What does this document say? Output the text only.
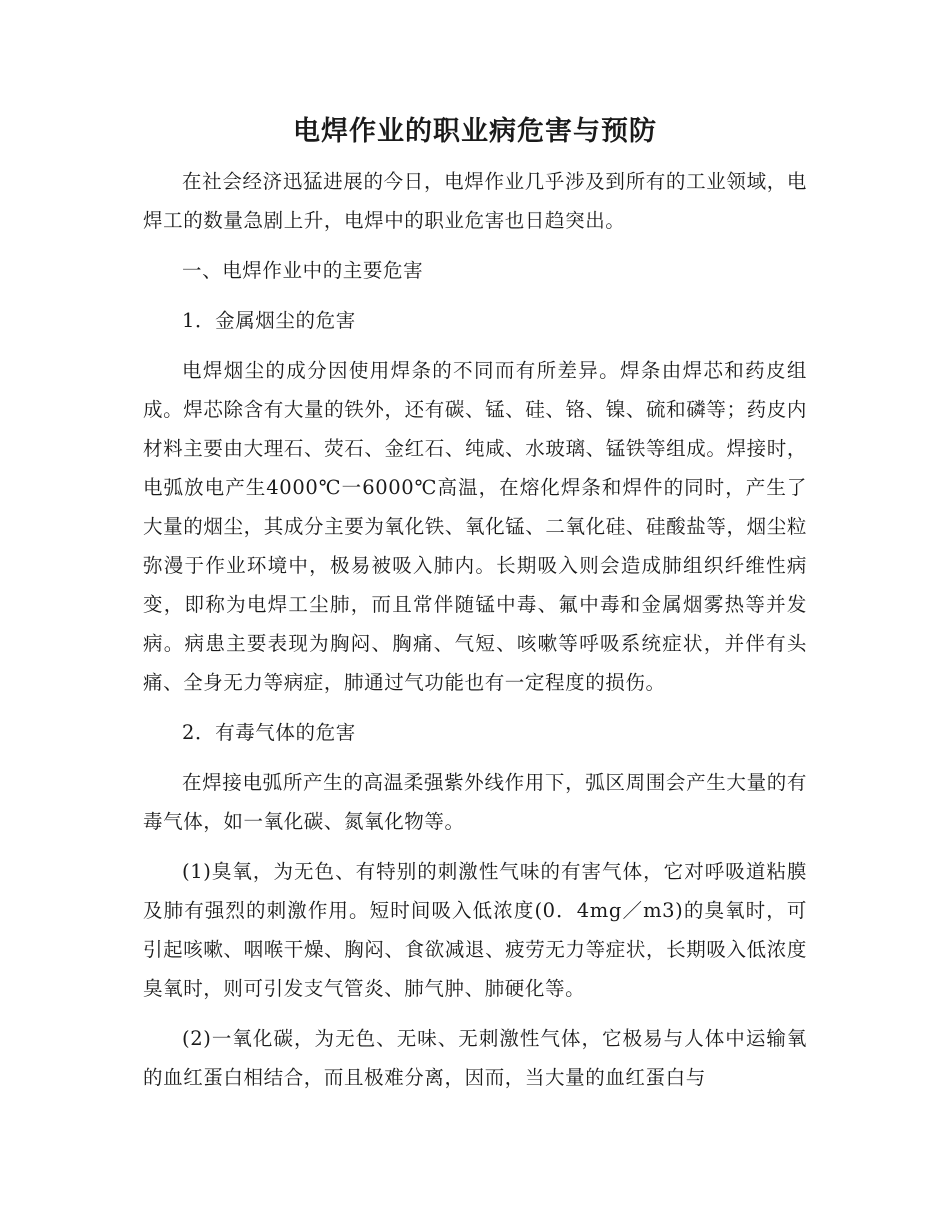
电焊作业的职业病危害与预防

在社会经济迅猛进展的今日，电焊作业几乎涉及到所有的工业领域，电焊工的数量急剧上升，电焊中的职业危害也日趋突出。

一、电焊作业中的主要危害

1．金属烟尘的危害

电焊烟尘的成分因使用焊条的不同而有所差异。焊条由焊芯和药皮组成。焊芯除含有大量的铁外，还有碳、锰、硅、铬、镍、硫和磷等；药皮内材料主要由大理石、荧石、金红石、纯咸、水玻璃、锰铁等组成。焊接时，电弧放电产生4000℃一6000℃高温，在熔化焊条和焊件的同时，产生了大量的烟尘，其成分主要为氧化铁、氧化锰、二氧化硅、硅酸盐等，烟尘粒弥漫于作业环境中，极易被吸入肺内。长期吸入则会造成肺组织纤维性病变，即称为电焊工尘肺，而且常伴随锰中毒、氟中毒和金属烟雾热等并发病。病患主要表现为胸闷、胸痛、气短、咳嗽等呼吸系统症状，并伴有头痛、全身无力等病症，肺通过气功能也有一定程度的损伤。

2．有毒气体的危害

在焊接电弧所产生的高温柔强紫外线作用下，弧区周围会产生大量的有毒气体，如一氧化碳、氮氧化物等。

(1)臭氧，为无色、有特别的刺激性气味的有害气体，它对呼吸道粘膜及肺有强烈的刺激作用。短时间吸入低浓度(0．4mg／m3)的臭氧时，可引起咳嗽、咽喉干燥、胸闷、食欲减退、疲劳无力等症状，长期吸入低浓度臭氧时，则可引发支气管炎、肺气肿、肺硬化等。

(2)一氧化碳，为无色、无味、无刺激性气体，它极易与人体中运输氧的血红蛋白相结合，而且极难分离，因而，当大量的血红蛋白与
